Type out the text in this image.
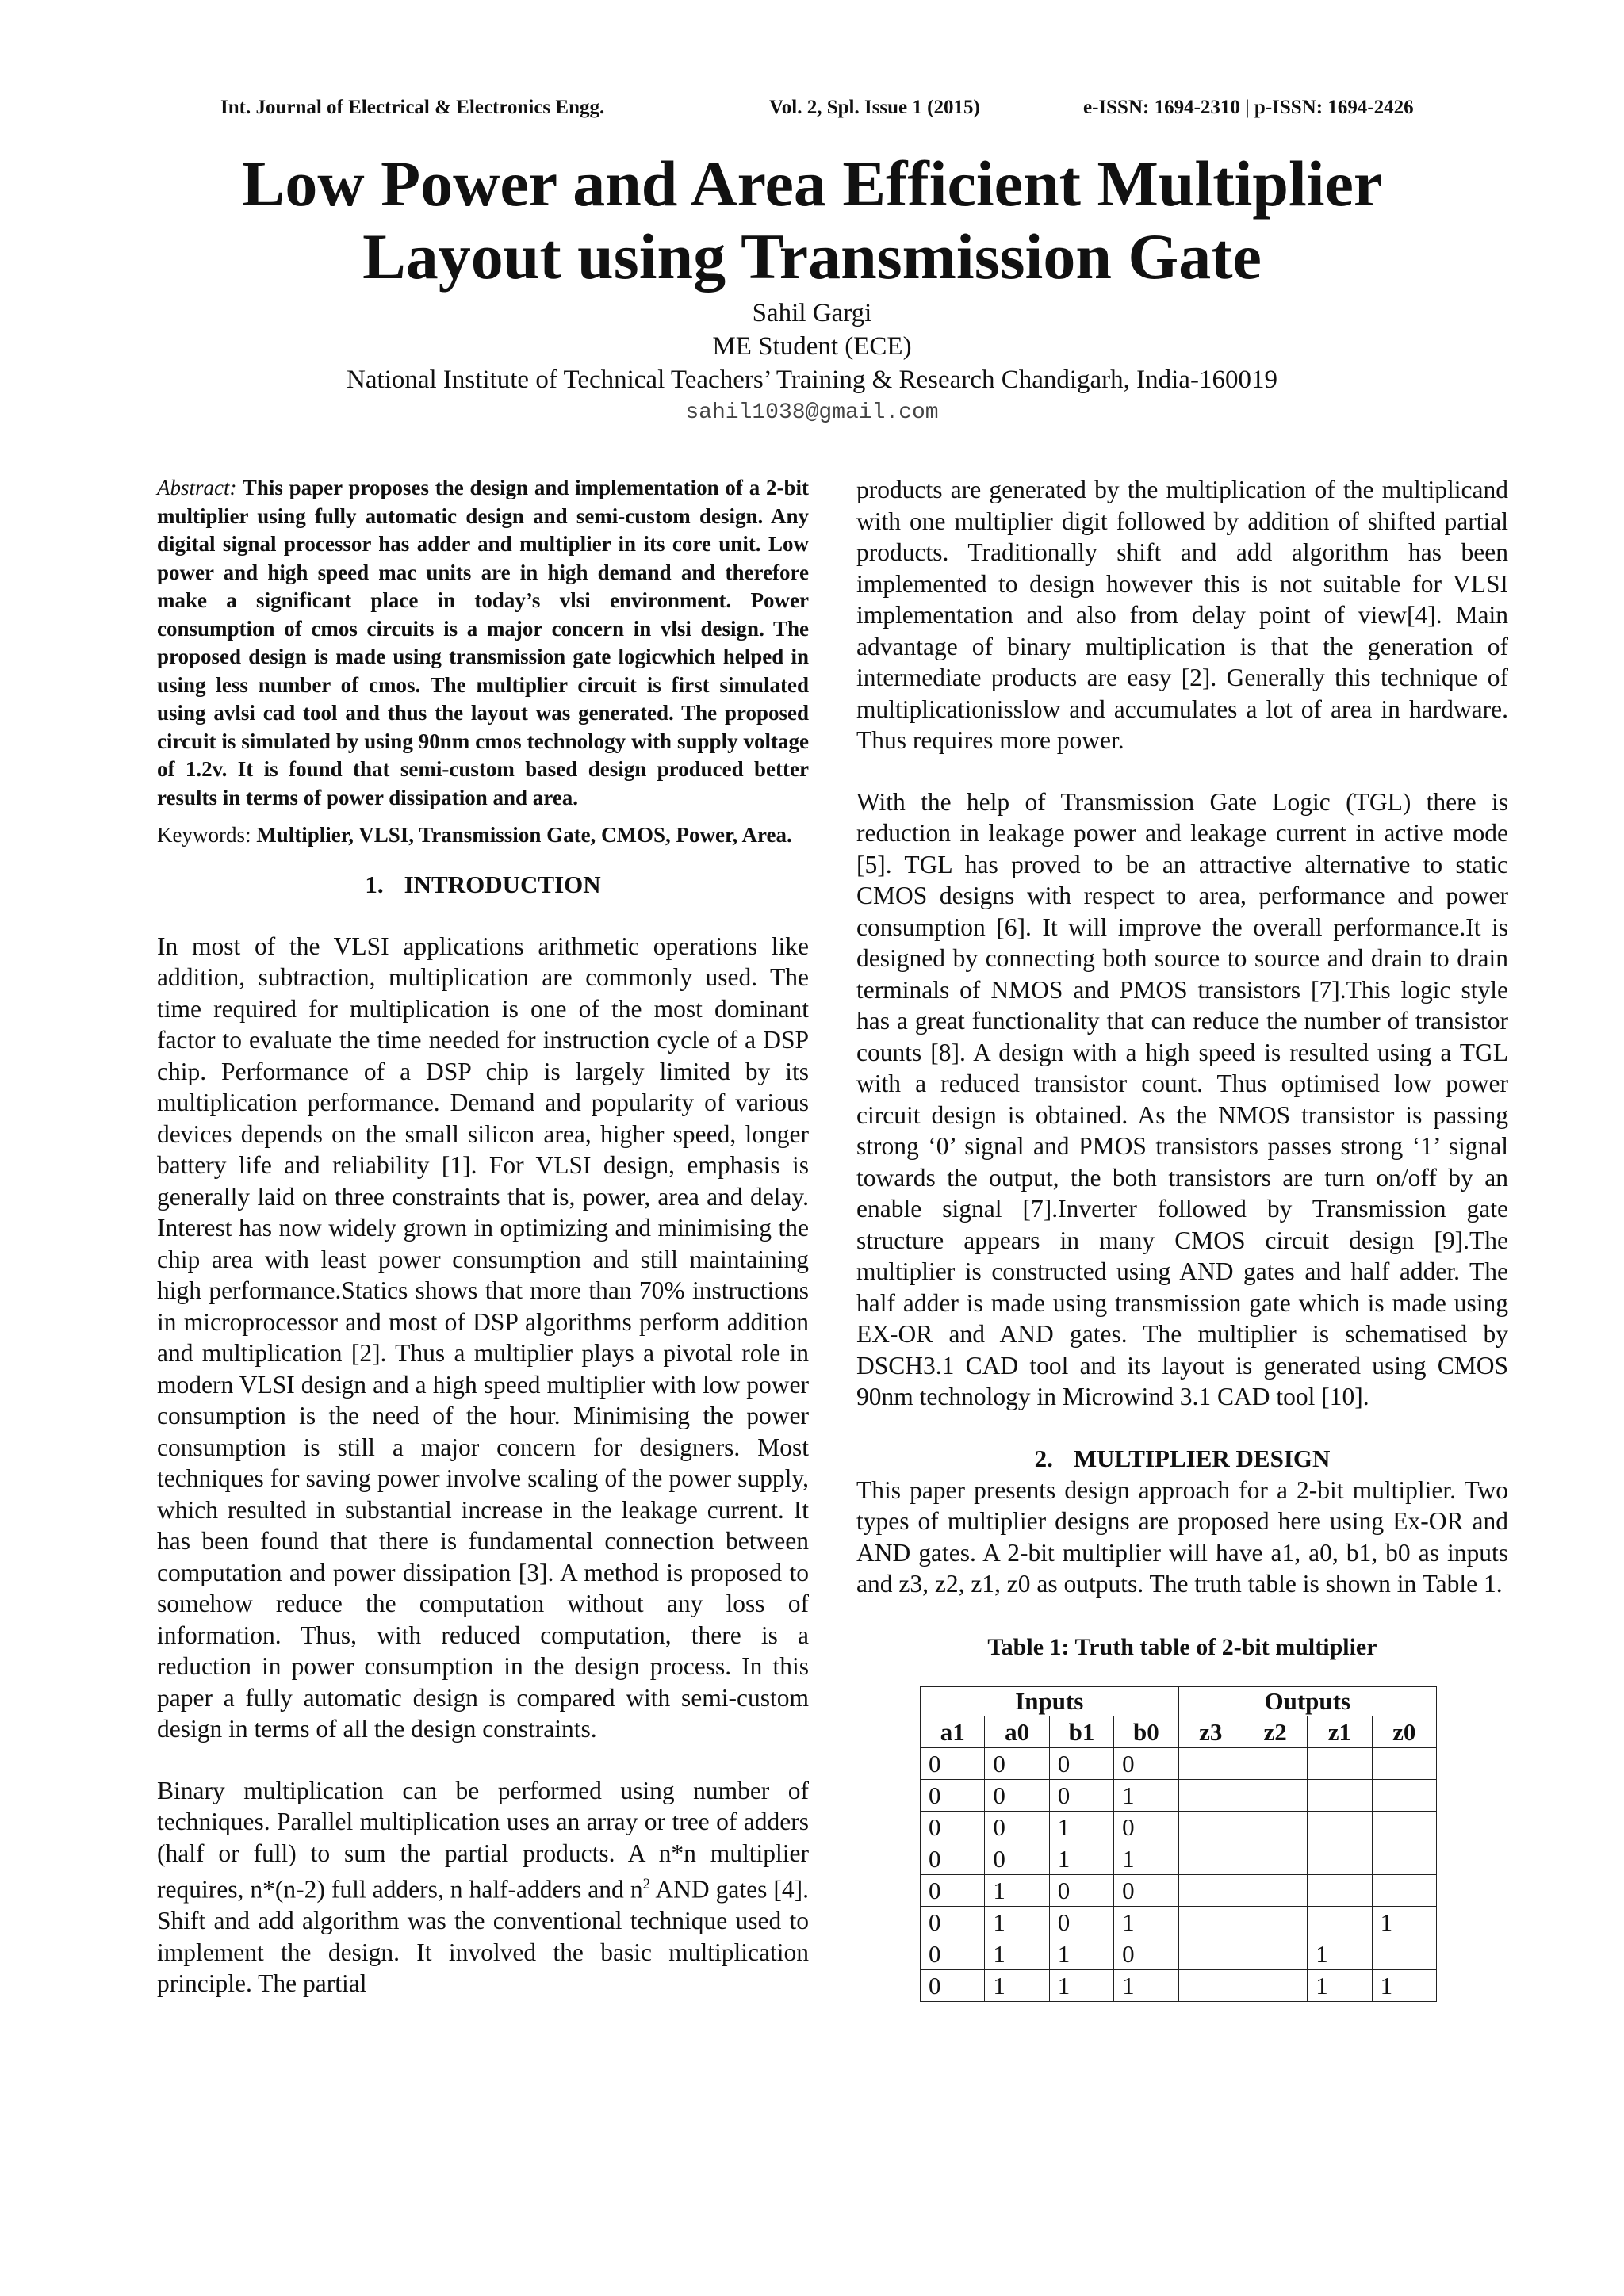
Int. Journal of Electrical & Electronics Engg.	Vol. 2, Spl. Issue 1 (2015)	e-ISSN: 1694-2310 | p-ISSN: 1694-2426
Low Power and Area Efficient Multiplier
Layout using Transmission Gate
Sahil Gargi
ME Student (ECE)
National Institute of Technical Teachers’ Training & Research Chandigarh, India-160019
sahil1038@gmail.com

Abstract: This paper proposes the design and implementation of a 2-bit multiplier using fully automatic design and semi-custom design. Any digital signal processor has adder and multiplier in its core unit. Low power and high speed mac units are in high demand and therefore make a significant place in today’s vlsi environment. Power consumption of cmos circuits is a major concern in vlsi design. The proposed design is made using transmission gate logicwhich helped in using less number of cmos. The multiplier circuit is first simulated using avlsi cad tool and thus the layout was generated. The proposed circuit is simulated by using 90nm cmos technology with supply voltage of 1.2v. It is found that semi-custom based design produced better results in terms of power dissipation and area.

Keywords: Multiplier, VLSI, Transmission Gate, CMOS, Power, Area.

1. INTRODUCTION

In most of the VLSI applications arithmetic operations like addition, subtraction, multiplication are commonly used. The time required for multiplication is one of the most dominant factor to evaluate the time needed for instruction cycle of a DSP chip. Performance of a DSP chip is largely limited by its multiplication performance. Demand and popularity of various devices depends on the small silicon area, higher speed, longer battery life and reliability [1]. For VLSI design, emphasis is generally laid on three constraints that is, power, area and delay. Interest has now widely grown in optimizing and minimising the chip area with least power consumption and still maintaining high performance.Statics shows that more than 70% instructions in microprocessor and most of DSP algorithms perform addition and multiplication [2]. Thus a multiplier plays a pivotal role in modern VLSI design and a high speed multiplier with low power consumption is the need of the hour. Minimising the power consumption is still a major concern for designers. Most techniques for saving power involve scaling of the power supply, which resulted in substantial increase in the leakage current. It has been found that there is fundamental connection between computation and power dissipation [3]. A method is proposed to somehow reduce the computation without any loss of information. Thus, with reduced computation, there is a reduction in power consumption in the design process. In this paper a fully automatic design is compared with semi-custom design in terms of all the design constraints.

Binary multiplication can be performed using number of techniques. Parallel multiplication uses an array or tree of adders (half or full) to sum the partial products. A n*n multiplier requires, n*(n-2) full adders, n half-adders and $n^2$ AND gates [4]. Shift and add algorithm was the conventional technique used to implement the design. It involved the basic multiplication principle. The partial

products are generated by the multiplication of the multiplicand with one multiplier digit followed by addition of shifted partial products. Traditionally shift and add algorithm has been implemented to design however this is not suitable for VLSI implementation and also from delay point of view[4]. Main advantage of binary multiplication is that the generation of intermediate products are easy [2]. Generally this technique of multiplicationisslow and accumulates a lot of area in hardware. Thus requires more power.

With the help of Transmission Gate Logic (TGL) there is reduction in leakage power and leakage current in active mode [5]. TGL has proved to be an attractive alternative to static CMOS designs with respect to area, performance and power consumption [6]. It will improve the overall performance.It is designed by connecting both source to source and drain to drain terminals of NMOS and PMOS transistors [7].This logic style has a great functionality that can reduce the number of transistor counts [8]. A design with a high speed is resulted using a TGL with a reduced transistor count. Thus optimised low power circuit design is obtained. As the NMOS transistor is passing strong ‘0’ signal and PMOS transistors passes strong ‘1’ signal towards the output, the both transistors are turn on/off by an enable signal [7].Inverter followed by Transmission gate structure appears in many CMOS circuit design [9].The multiplier is constructed using AND gates and half adder. The half adder is made using transmission gate which is made using EX-OR and AND gates. The multiplier is schematised by DSCH3.1 CAD tool and its layout is generated using CMOS 90nm technology in Microwind 3.1 CAD tool [10].

2. MULTIPLIER DESIGN

This paper presents design approach for a 2-bit multiplier. Two types of multiplier designs are proposed here using Ex-OR and AND gates. A 2-bit multiplier will have a1, a0, b1, b0 as inputs and z3, z2, z1, z0 as outputs. The truth table is shown in Table 1.

Table 1: Truth table of 2-bit multiplier
Inputs				Outputs			
a1	a0	b1	b0	z3	z2	z1	z0
0	0	0	0				
0	0	0	1				
0	0	1	0				
0	0	1	1				
0	1	0	0				
0	1	0	1				1
0	1	1	0			1	
0	1	1	1			1	1
